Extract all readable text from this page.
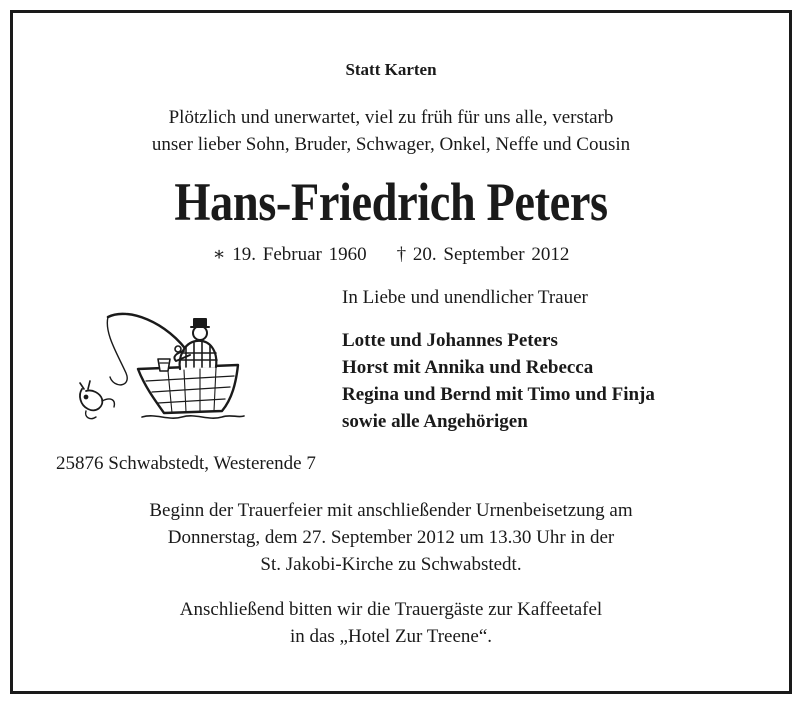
Statt Karten
Plötzlich und unerwartet, viel zu früh für uns alle, verstarb
unser lieber Sohn, Bruder, Schwager, Onkel, Neffe und Cousin
Hans-Friedrich Peters
∗ 19. Februar 1960 † 20. September 2012
In Liebe und unendlicher Trauer
Lotte und Johannes Peters
Horst mit Annika und Rebecca
Regina und Bernd mit Timo und Finja
sowie alle Angehörigen
25876 Schwabstedt, Westerende 7
Beginn der Trauerfeier mit anschließender Urnenbeisetzung am
Donnerstag, dem 27. September 2012 um 13.30 Uhr in der
St. Jakobi-Kirche zu Schwabstedt.
Anschließend bitten wir die Trauergäste zur Kaffeetafel
in das „Hotel Zur Treene“.
